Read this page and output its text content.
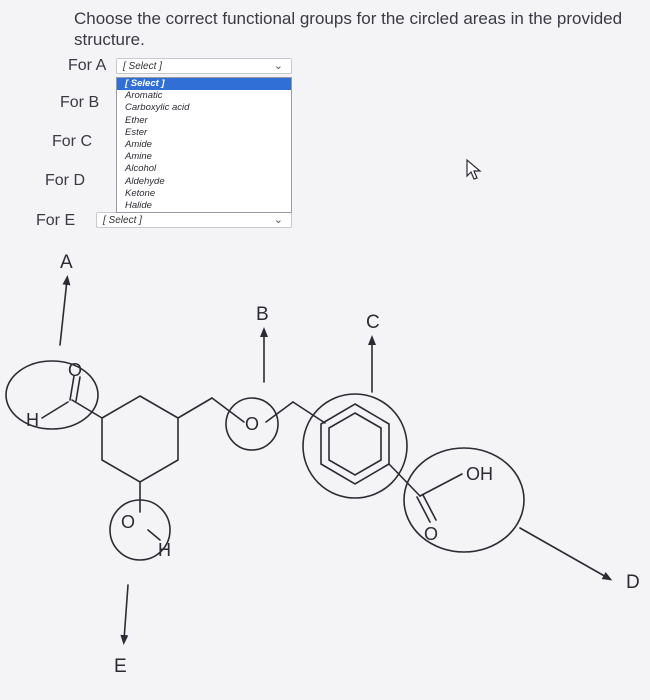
Choose the correct functional groups for the circled areas in the provided structure.
For A	[ Select ]	⌄
For B
For C
For D
For E	[ Select ]	⌄
[ Select ]
Aromatic
Carboxylic acid
Ether
Ester
Amide
Amine
Alcohol
Aldehyde
Ketone
Halide
H
O
O
O
H
O
OH
A
B	C
D
E
